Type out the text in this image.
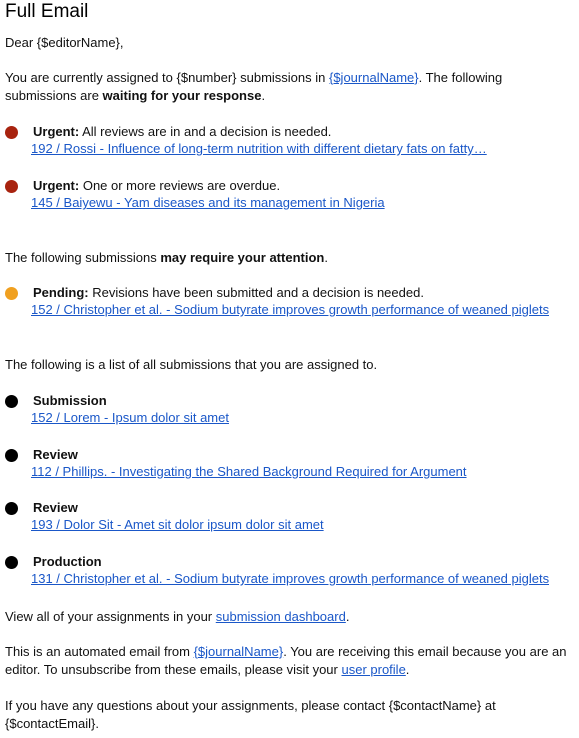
Full Email
Dear {$editorName},
You are currently assigned to {$number} submissions in {$journalName}. The following submissions are waiting for your response.
Urgent: All reviews are in and a decision is needed.
192 / Rossi - Influence of long-term nutrition with different dietary fats on fatty…
Urgent: One or more reviews are overdue.
145 / Baiyewu - Yam diseases and its management in Nigeria
The following submissions may require your attention.
Pending: Revisions have been submitted and a decision is needed.
152 / Christopher et al. - Sodium butyrate improves growth performance of weaned piglets
The following is a list of all submissions that you are assigned to.
Submission
152 / Lorem - Ipsum dolor sit amet
Review
112 / Phillips. - Investigating the Shared Background Required for Argument
Review
193 / Dolor Sit - Amet sit dolor ipsum dolor sit amet
Production
131 / Christopher et al. - Sodium butyrate improves growth performance of weaned piglets
View all of your assignments in your submission dashboard.
This is an automated email from {$journalName}. You are receiving this email because you are an editor. To unsubscribe from these emails, please visit your user profile.
If you have any questions about your assignments, please contact {$contactName} at {$contactEmail}.
